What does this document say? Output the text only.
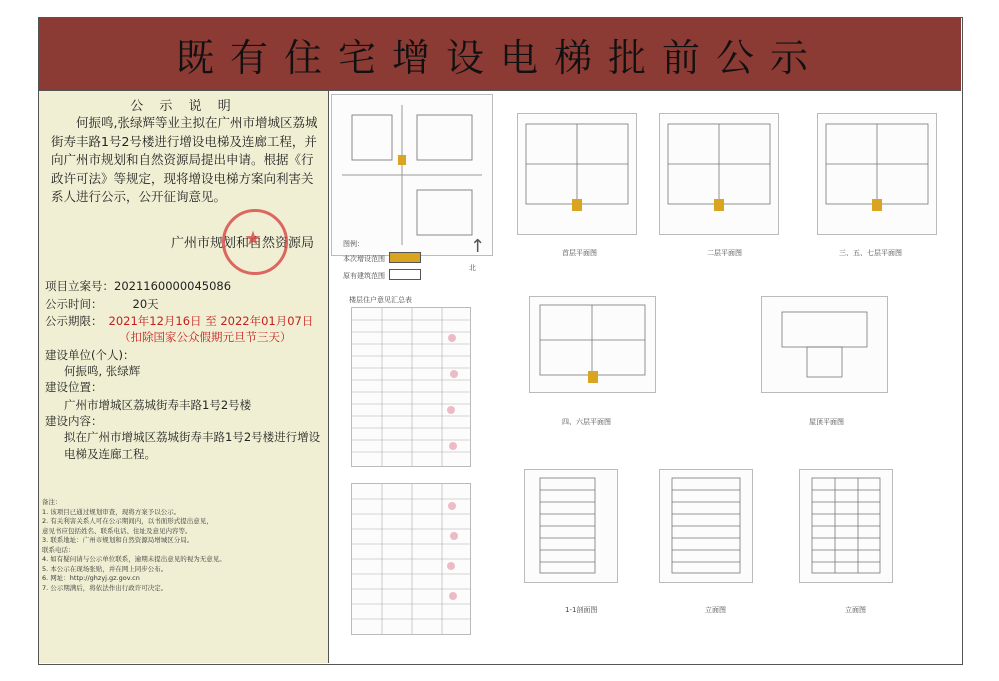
既有住宅增设电梯批前公示
公 示 说 明
何振鸣,张绿辉等业主拟在广州市增城区荔城街寿丰路1号2号楼进行增设电梯及连廊工程，并向广州市规划和自然资源局提出申请。根据《行政许可法》等规定，现将增设电梯方案向利害关系人进行公示，公开征询意见。
广州市规划和自然资源局
★
项目立案号：2021160000045086
公示时间：	20天
公示期限： 2021年12月16日 至 2022年01月07日
（扣除国家公众假期元旦节三天）
建设单位(个人)：
何振鸣, 张绿辉
建设位置：
广州市增城区荔城街寿丰路1号2号楼
建设内容：
拟在广州市增城区荔城街寿丰路1号2号楼进行增设电梯及连廊工程。
备注：
1. 该项目已通过规划审查，现将方案予以公示。
2. 有关利害关系人可在公示期间内，以书面形式提出意见，
意见书应包括姓名、联系电话、住址及意见内容等。
3. 联系地址：广州市规划和自然资源局增城区分局。
联系电话：
4. 如有疑问请与公示单位联系，逾期未提出意见的视为无意见。
5. 本公示在现场张贴，并在网上同步公布。
6. 网址：http://ghzyj.gz.gov.cn
7. 公示期满后，将依法作出行政许可决定。
图例：
本次增设范围
原有建筑范围
北
↑
楼层住户意见汇总表
首层平面图	二层平面图	三、五、七层平面图
四、六层平面图	屋顶平面图
1-1剖面图	立面图	立面图
